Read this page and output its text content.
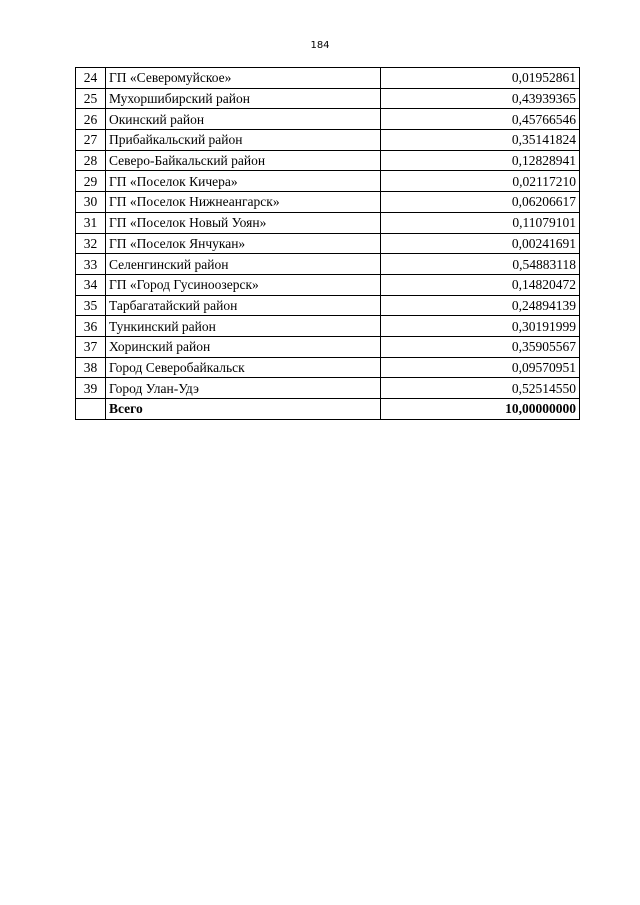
184
24	ГП «Северомуйское»	0,01952861
25	Мухоршибирский район	0,43939365
26	Окинский район	0,45766546
27	Прибайкальский район	0,35141824
28	Северо-Байкальский район	0,12828941
29	ГП «Поселок Кичера»	0,02117210
30	ГП «Поселок Нижнеангарск»	0,06206617
31	ГП «Поселок Новый Уоян»	0,11079101
32	ГП «Поселок Янчукан»	0,00241691
33	Селенгинский район	0,54883118
34	ГП «Город Гусиноозерск»	0,14820472
35	Тарбагатайский район	0,24894139
36	Тункинский район	0,30191999
37	Хоринский район	0,35905567
38	Город Северобайкальск	0,09570951
39	Город Улан-Удэ	0,52514550
	Всего	10,00000000
